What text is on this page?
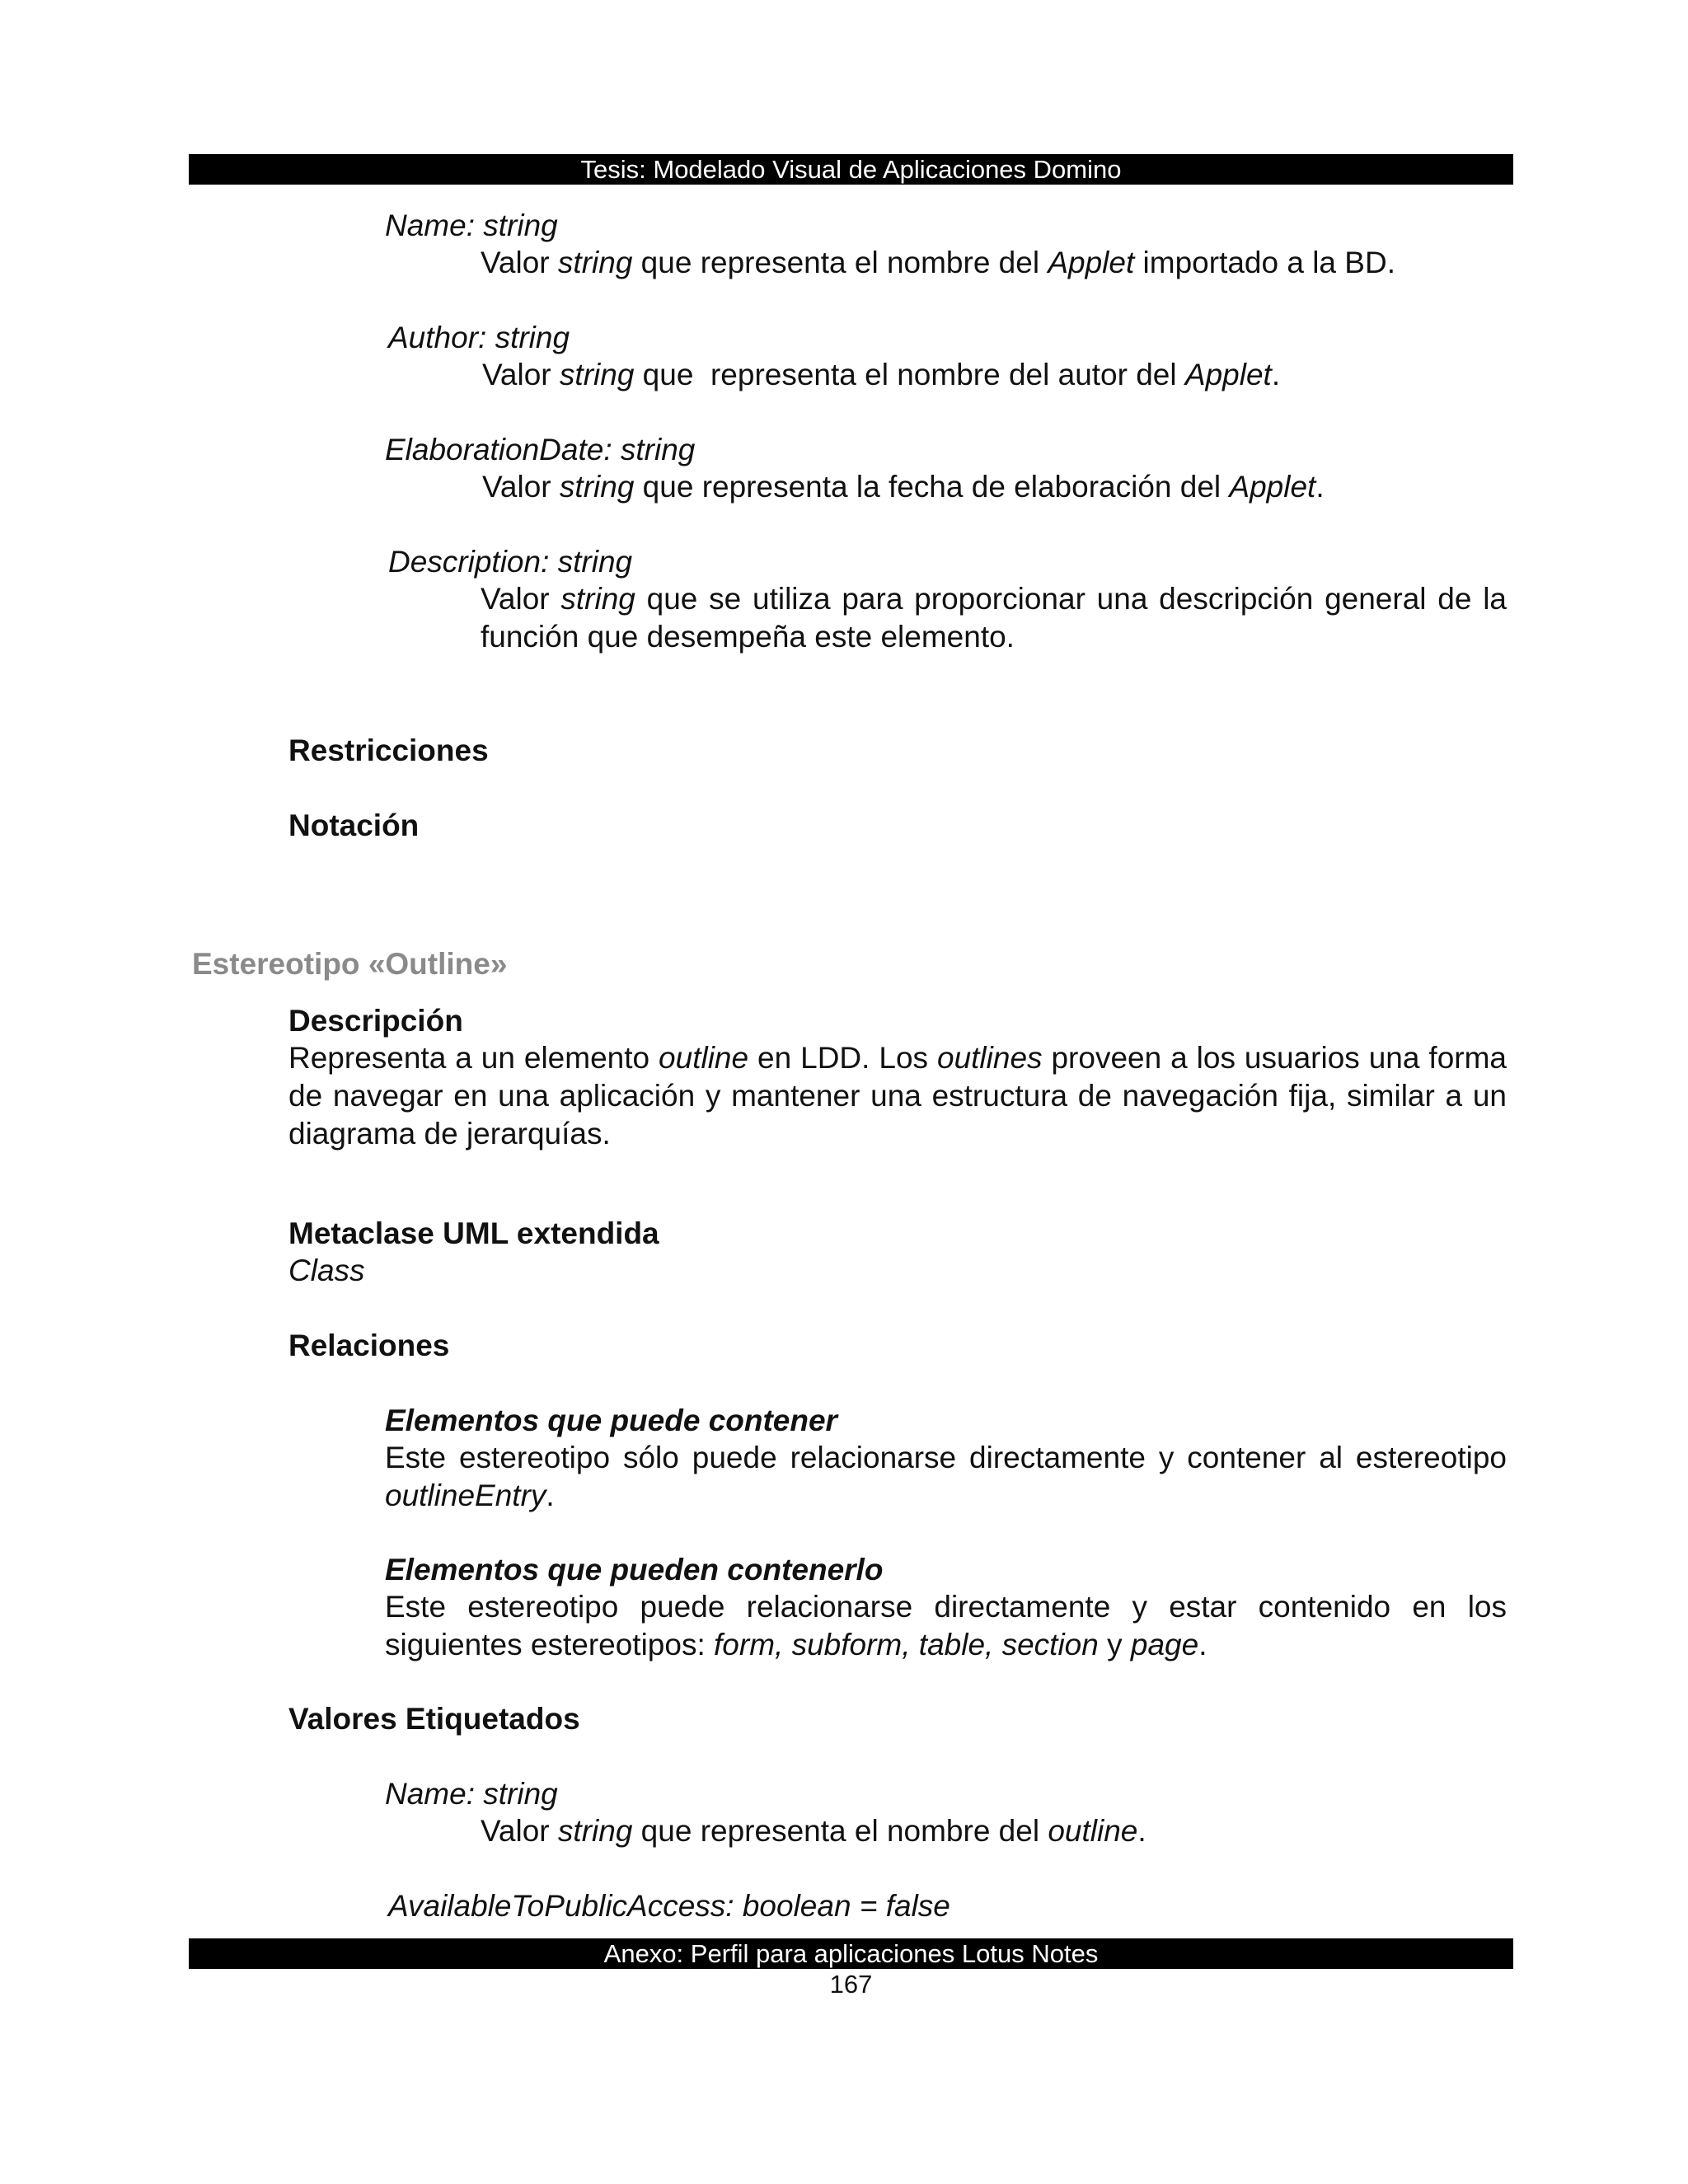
Tesis: Modelado Visual de Aplicaciones Domino
Name: string
Valor string que representa el nombre del Applet importado a la BD.
Author: string
Valor string que  representa el nombre del autor del Applet.
ElaborationDate: string
Valor string que representa la fecha de elaboración del Applet.
Description: string
Valor string que se utiliza para proporcionar una descripción general de la función que desempeña este elemento.
Restricciones
Notación
Estereotipo «Outline»
Descripción
Representa a un elemento outline en LDD. Los outlines proveen a los usuarios una forma de navegar en una aplicación y mantener una estructura de navegación fija, similar a un diagrama de jerarquías.
Metaclase UML extendida
Class
Relaciones
Elementos que puede contener
Este estereotipo sólo puede relacionarse directamente y contener al estereotipo outlineEntry.
Elementos que pueden contenerlo
Este estereotipo puede relacionarse directamente y estar contenido en los siguientes estereotipos: form, subform, table, section y page.
Valores Etiquetados
Name: string
Valor string que representa el nombre del outline.
AvailableToPublicAccess: boolean = false
Anexo: Perfil para aplicaciones Lotus Notes
167
